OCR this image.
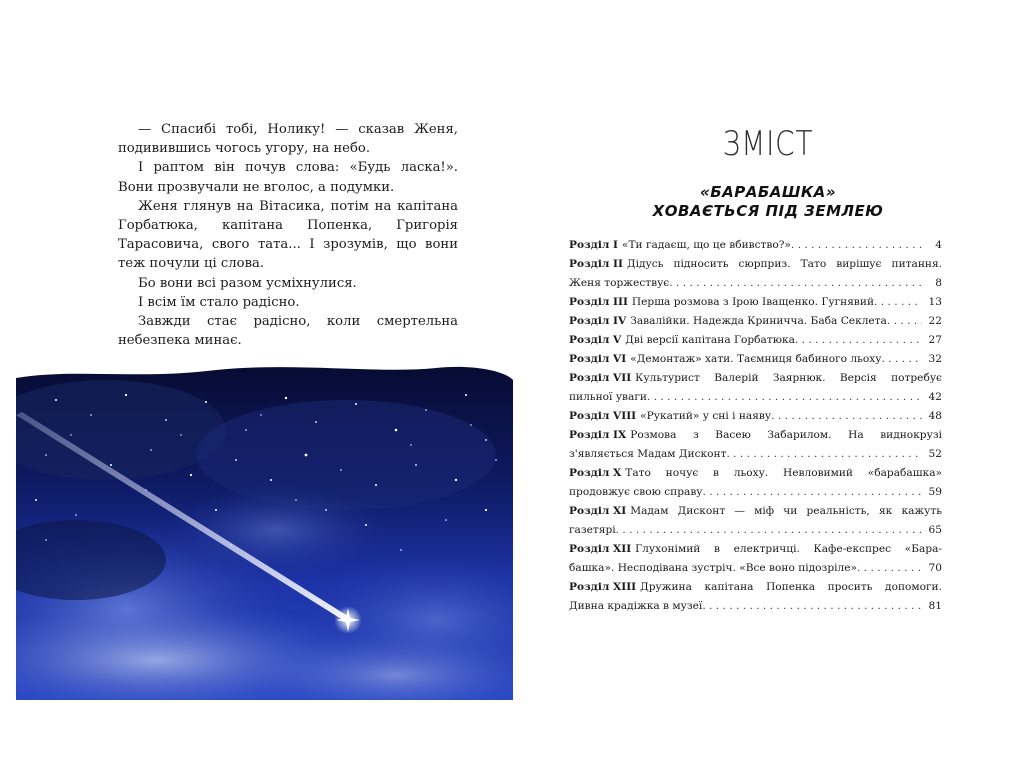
— Спасибі тобі, Нолику! — сказав Женя, подивившись чогось угору, на небо.

І раптом він почув слова: «Будь ласка!». Вони прозвучали не вголос, а подумки.

Женя глянув на Вітасика, потім на капітана Горбатюка, капітана Попенка, Григорія Тарасовича, свого тата... І зрозумів, що вони теж почули ці слова.

Бо вони всі разом усміхнулися.

І всім їм стало радісно.

Завжди стає радісно, коли смертельна небезпека минає.

ЗМІСТ
«БАРАБАШКА»
ХОВАЄТЬСЯ ПІД ЗЕМЛЕЮ
Розділ I «Ти гадаєш, що це вбивство?» . . .	4
Розділ II Дідусь підносить сюрприз. Тато вирішує питання.
Женя торжествує . . .	8
Розділ III Перша розмова з Ірою Іващенко. Гугнявий . . .	13
Розділ IV Завалійки. Надежда Криничча. Баба Секлета . . .	22
Розділ V Дві версії капітана Горбатюка . . .	27
Розділ VI «Демонтаж» хати. Таємниця бабиного льоху . . .	32
Розділ VII Культурист Валерій Заярнюк. Версія потребує
пильної уваги . . .	42
Розділ VIII «Рукатий» у сні і наяву . . .	48
Розділ IX Розмова з Васею Забарилом. На виднокрузі
з'являється Мадам Дисконт . . .	52
Розділ X Тато ночує в льоху. Невловимий «барабашка»
продовжує свою справу . . .	59
Розділ XI Мадам Дисконт — міф чи реальність, як кажуть
газетярі . . .	65
Розділ XII Глухонімий в електричці. Кафе-експрес «Бара-
башка». Несподівана зустріч. «Все воно підозріле» . . .	70
Розділ XIII Дружина капітана Попенка просить допомоги.
Дивна крадіжка в музеї . . .	81
